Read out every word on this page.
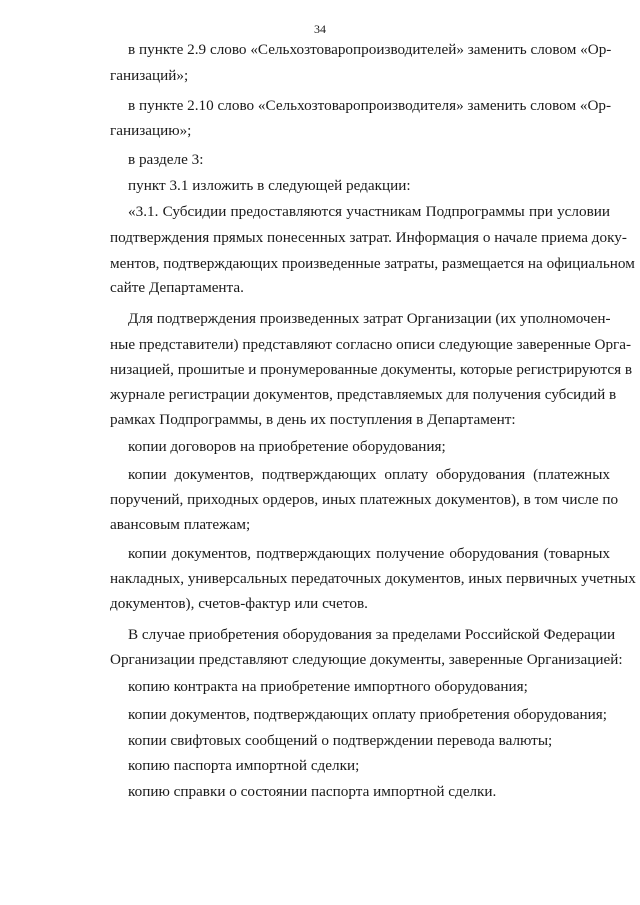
34
в пункте 2.9 слово «Сельхозтоваропроизводителей» заменить словом «Ор-
ганизаций»;
в пункте 2.10 слово «Сельхозтоваропроизводителя» заменить словом «Ор-
ганизацию»;
в разделе 3:
пункт 3.1 изложить в следующей редакции:
«3.1. Субсидии предоставляются участникам Подпрограммы при условии
подтверждения прямых понесенных затрат. Информация о начале приема доку-
ментов, подтверждающих произведенные затраты, размещается на официальном
сайте Департамента.
Для подтверждения произведенных затрат Организации (их уполномочен-
ные представители) представляют согласно описи следующие заверенные Орга-
низацией, прошитые и пронумерованные документы, которые регистрируются в
журнале регистрации документов, представляемых для получения субсидий в
рамках Подпрограммы, в день их поступления в Департамент:
копии договоров на приобретение оборудования;
копии документов, подтверждающих оплату оборудования (платежных
поручений, приходных ордеров, иных платежных документов), в том числе по
авансовым платежам;
копии документов, подтверждающих получение оборудования (товарных
накладных, универсальных передаточных документов, иных первичных учетных
документов), счетов-фактур или счетов.
В случае приобретения оборудования за пределами Российской Федерации
Организации представляют следующие документы, заверенные Организацией:
копию контракта на приобретение импортного оборудования;
копии документов, подтверждающих оплату приобретения оборудования;
копии свифтовых сообщений о подтверждении перевода валюты;
копию паспорта импортной сделки;
копию справки о состоянии паспорта импортной сделки.
